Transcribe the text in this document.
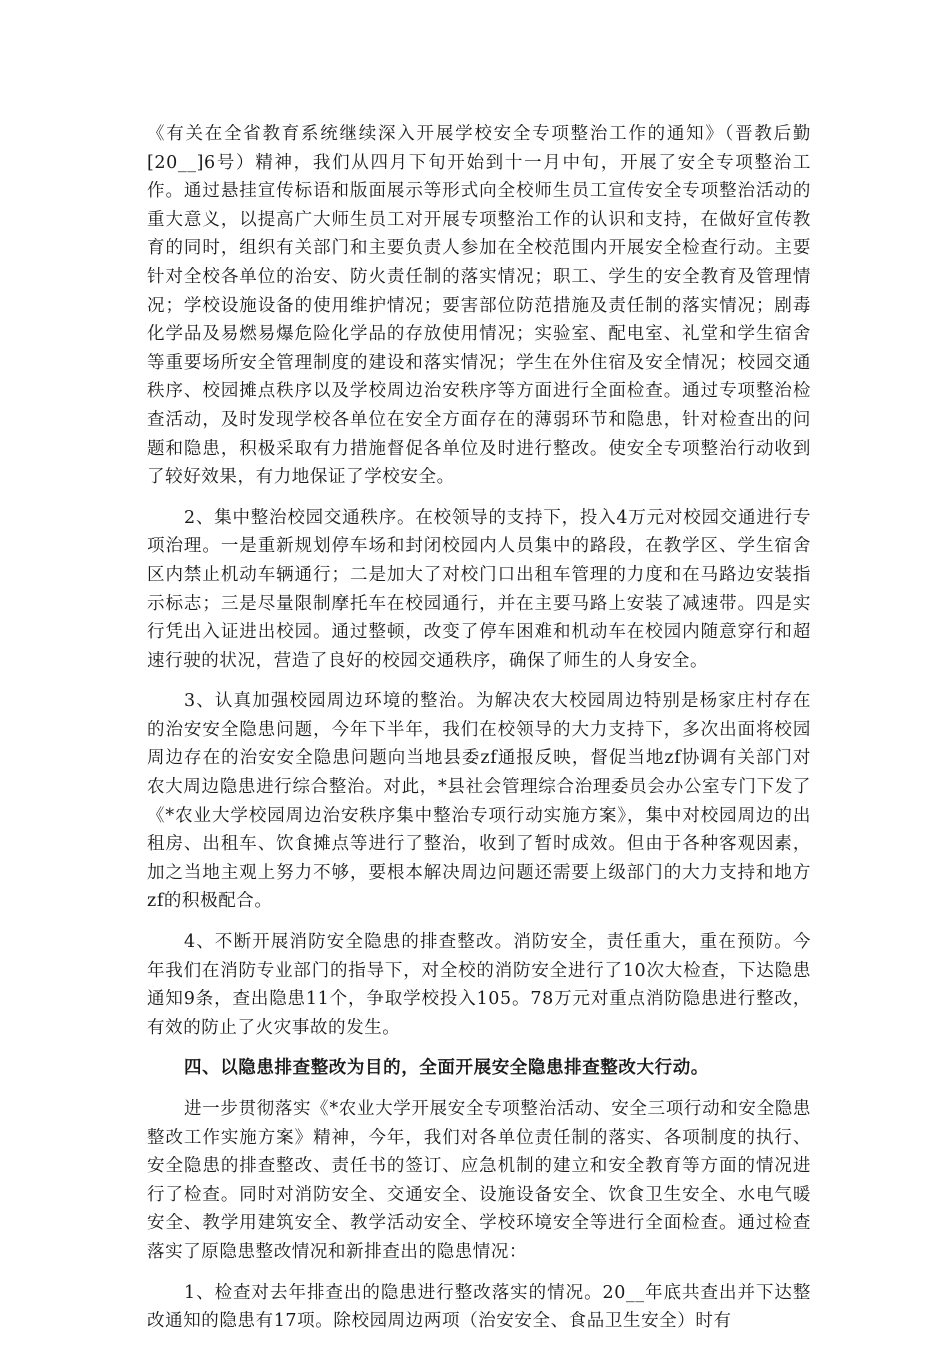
《有关在全省教育系统继续深入开展学校安全专项整治工作的通知》（晋教后勤[20__]6号）精神，我们从四月下旬开始到十一月中旬，开展了安全专项整治工作。通过悬挂宣传标语和版面展示等形式向全校师生员工宣传安全专项整治活动的重大意义，以提高广大师生员工对开展专项整治工作的认识和支持，在做好宣传教育的同时，组织有关部门和主要负责人参加在全校范围内开展安全检查行动。主要针对全校各单位的治安、防火责任制的落实情况；职工、学生的安全教育及管理情况；学校设施设备的使用维护情况；要害部位防范措施及责任制的落实情况；剧毒化学品及易燃易爆危险化学品的存放使用情况；实验室、配电室、礼堂和学生宿舍等重要场所安全管理制度的建设和落实情况；学生在外住宿及安全情况；校园交通秩序、校园摊点秩序以及学校周边治安秩序等方面进行全面检查。通过专项整治检查活动，及时发现学校各单位在安全方面存在的薄弱环节和隐患，针对检查出的问题和隐患，积极采取有力措施督促各单位及时进行整改。使安全专项整治行动收到了较好效果，有力地保证了学校安全。

2、集中整治校园交通秩序。在校领导的支持下，投入4万元对校园交通进行专项治理。一是重新规划停车场和封闭校园内人员集中的路段，在教学区、学生宿舍区内禁止机动车辆通行；二是加大了对校门口出租车管理的力度和在马路边安装指示标志；三是尽量限制摩托车在校园通行，并在主要马路上安装了减速带。四是实行凭出入证进出校园。通过整顿，改变了停车困难和机动车在校园内随意穿行和超速行驶的状况，营造了良好的校园交通秩序，确保了师生的人身安全。

3、认真加强校园周边环境的整治。为解决农大校园周边特别是杨家庄村存在的治安安全隐患问题，今年下半年，我们在校领导的大力支持下，多次出面将校园周边存在的治安安全隐患问题向当地县委zf通报反映，督促当地zf协调有关部门对农大周边隐患进行综合整治。对此，*县社会管理综合治理委员会办公室专门下发了《*农业大学校园周边治安秩序集中整治专项行动实施方案》，集中对校园周边的出租房、出租车、饮食摊点等进行了整治，收到了暂时成效。但由于各种客观因素，加之当地主观上努力不够，要根本解决周边问题还需要上级部门的大力支持和地方zf的积极配合。

4、不断开展消防安全隐患的排查整改。消防安全，责任重大，重在预防。今年我们在消防专业部门的指导下，对全校的消防安全进行了10次大检查，下达隐患通知9条，查出隐患11个，争取学校投入105。78万元对重点消防隐患进行整改，有效的防止了火灾事故的发生。

四、以隐患排查整改为目的，全面开展安全隐患排查整改大行动。

进一步贯彻落实《*农业大学开展安全专项整治活动、安全三项行动和安全隐患整改工作实施方案》精神，今年，我们对各单位责任制的落实、各项制度的执行、安全隐患的排查整改、责任书的签订、应急机制的建立和安全教育等方面的情况进行了检查。同时对消防安全、交通安全、设施设备安全、饮食卫生安全、水电气暖安全、教学用建筑安全、教学活动安全、学校环境安全等进行全面检查。通过检查落实了原隐患整改情况和新排查出的隐患情况：

1、检查对去年排查出的隐患进行整改落实的情况。20__年底共查出并下达整改通知的隐患有17项。除校园周边两项（治安安全、食品卫生安全）时有
